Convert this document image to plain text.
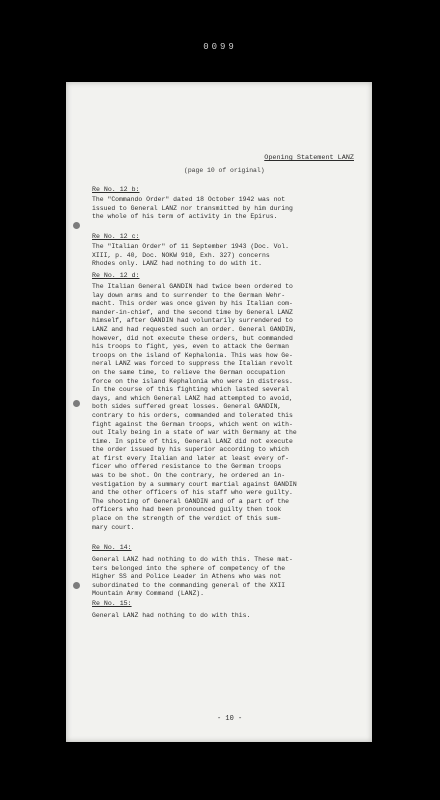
0099

Opening Statement LANZ

(page 10 of original)

Re No. 12 b:

The "Commando Order" dated 18 October 1942 was not
issued to General LANZ nor transmitted by him during
the whole of his term of activity in the Epirus.

Re No. 12 c:

The "Italian Order" of 11 September 1943 (Doc. Vol.
XIII, p. 40, Doc. NOKW 910, Exh. 327) concerns
Rhodes only. LANZ had nothing to do with it.

Re No. 12 d:

The Italian General GANDIN had twice been ordered to
lay down arms and to surrender to the German Wehr-
macht. This order was once given by his Italian com-
mander-in-chief, and the second time by General LANZ
himself, after GANDIN had voluntarily surrendered to
LANZ and had requested such an order. General GANDIN,
however, did not execute these orders, but commanded
his troops to fight, yes, even to attack the German
troops on the island of Kephalonia. This was how Ge-
neral LANZ was forced to suppress the Italian revolt
on the same time, to relieve the German occupation
force on the island Kephalonia who were in distress.
In the course of this fighting which lasted several
days, and which General LANZ had attempted to avoid,
both sides suffered great losses. General GANDIN,
contrary to his orders, commanded and tolerated this
fight against the German troops, which went on with-
out Italy being in a state of war with Germany at the
time. In spite of this, General LANZ did not execute
the order issued by his superior according to which
at first every Italian and later at least every of-
ficer who offered resistance to the German troops
was to be shot. On the contrary, he ordered an in-
vestigation by a summary court martial against GANDIN
and the other officers of his staff who were guilty.
The shooting of General GANDIN and of a part of the
officers who had been pronounced guilty then took
place on the strength of the verdict of this sum-
mary court.

Re No. 14:

General LANZ had nothing to do with this. These mat-
ters belonged into the sphere of competency of the
Higher SS and Police Leader in Athens who was not
subordinated to the commanding general of the XXII
Mountain Army Command (LANZ).

Re No. 15:

General LANZ had nothing to do with this.

- 10 -
